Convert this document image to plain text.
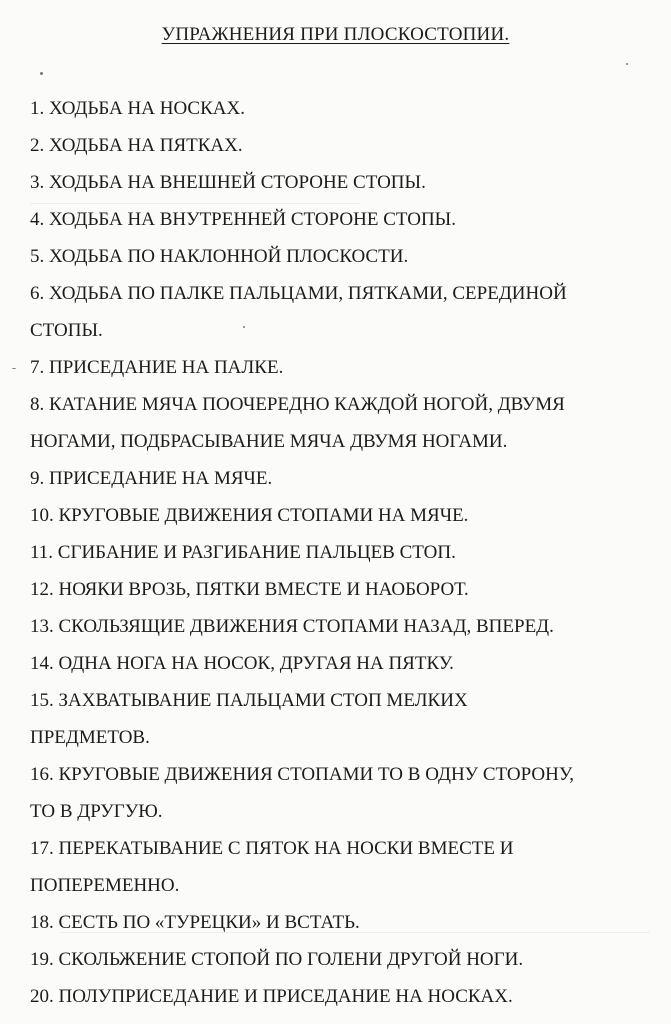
УПРАЖНЕНИЯ ПРИ ПЛОСКОСТОПИИ.
1. ХОДЬБА НА НОСКАХ.
2. ХОДЬБА НА ПЯТКАХ.
3. ХОДЬБА НА ВНЕШНЕЙ СТОРОНЕ СТОПЫ.
4. ХОДЬБА НА ВНУТРЕННЕЙ СТОРОНЕ СТОПЫ.
5. ХОДЬБА ПО НАКЛОННОЙ ПЛОСКОСТИ.
6. ХОДЬБА ПО ПАЛКЕ ПАЛЬЦАМИ, ПЯТКАМИ, СЕРЕДИНОЙ
СТОПЫ.
7. ПРИСЕДАНИЕ НА ПАЛКЕ.
8. КАТАНИЕ МЯЧА ПООЧЕРЕДНО КАЖДОЙ НОГОЙ, ДВУМЯ
НОГАМИ, ПОДБРАСЫВАНИЕ МЯЧА ДВУМЯ НОГАМИ.
9. ПРИСЕДАНИЕ НА МЯЧЕ.
10. КРУГОВЫЕ ДВИЖЕНИЯ СТОПАМИ НА МЯЧЕ.
11. СГИБАНИЕ И РАЗГИБАНИЕ ПАЛЬЦЕВ СТОП.
12. НОЯКИ ВРОЗЬ, ПЯТКИ ВМЕСТЕ И НАОБОРОТ.
13. СКОЛЬЗЯЩИЕ ДВИЖЕНИЯ СТОПАМИ НАЗАД, ВПЕРЕД.
14. ОДНА НОГА НА НОСОК, ДРУГАЯ НА ПЯТКУ.
15. ЗАХВАТЫВАНИЕ ПАЛЬЦАМИ СТОП МЕЛКИХ
ПРЕДМЕТОВ.
16. КРУГОВЫЕ ДВИЖЕНИЯ СТОПАМИ ТО В ОДНУ СТОРОНУ,
ТО В ДРУГУЮ.
17. ПЕРЕКАТЫВАНИЕ С ПЯТОК НА НОСКИ ВМЕСТЕ И
ПОПЕРЕМЕННО.
18. СЕСТЬ ПО «ТУРЕЦКИ» И ВСТАТЬ.
19. СКОЛЬЖЕНИЕ СТОПОЙ ПО ГОЛЕНИ ДРУГОЙ НОГИ.
20. ПОЛУПРИСЕДАНИЕ И ПРИСЕДАНИЕ НА НОСКАХ.
